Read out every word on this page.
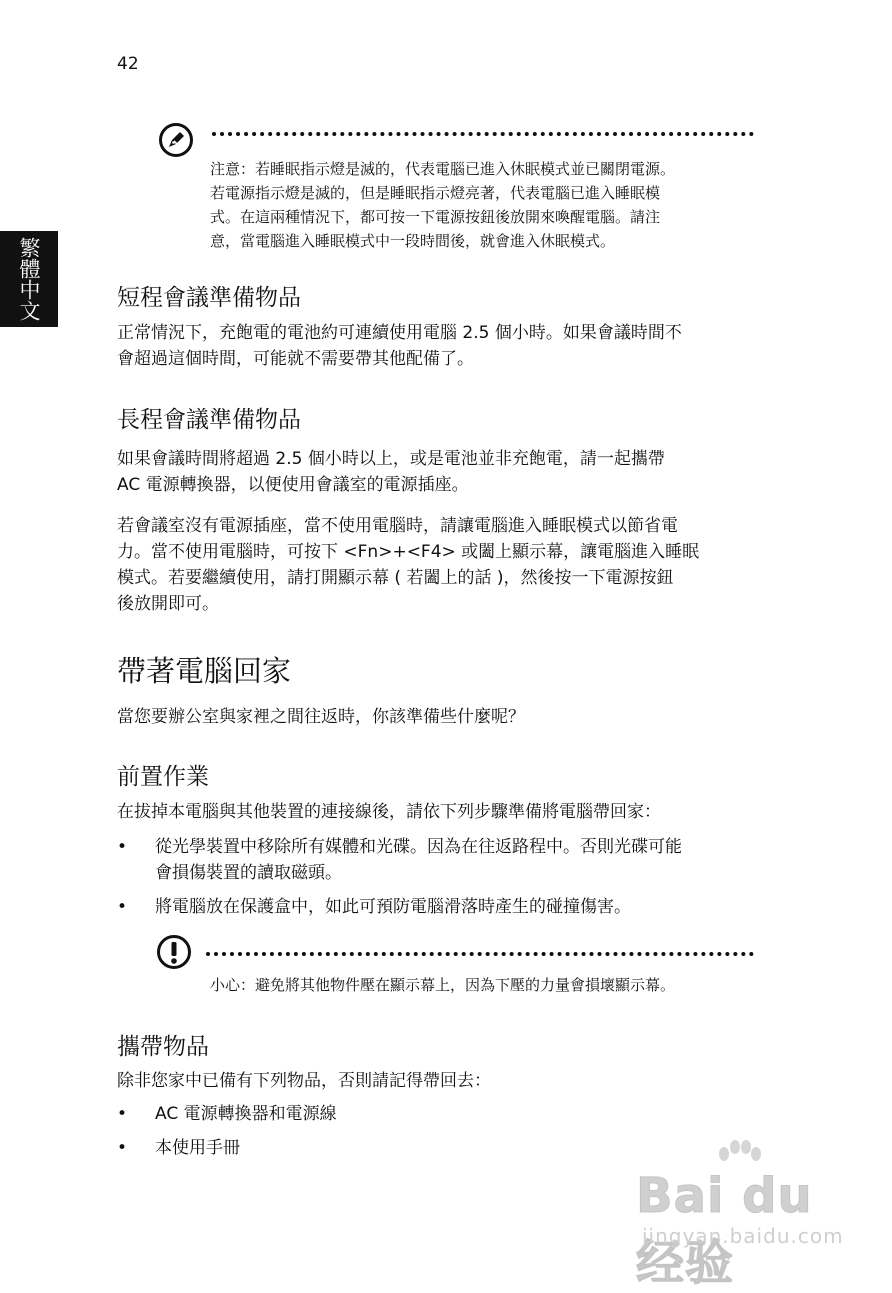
42
繁體中文
注意：若睡眠指示燈是滅的，代表電腦已進入休眠模式並已關閉電源。
若電源指示燈是滅的，但是睡眠指示燈亮著，代表電腦已進入睡眠模
式。在這兩種情況下，都可按一下電源按鈕後放開來喚醒電腦。請注
意，當電腦進入睡眠模式中一段時間後，就會進入休眠模式。
短程會議準備物品
正常情況下，充飽電的電池約可連續使用電腦 2.5 個小時。如果會議時間不
會超過這個時間，可能就不需要帶其他配備了。
長程會議準備物品
如果會議時間將超過 2.5 個小時以上，或是電池並非充飽電，請一起攜帶
AC 電源轉換器，以便使用會議室的電源插座。
若會議室沒有電源插座，當不使用電腦時，請讓電腦進入睡眠模式以節省電
力。當不使用電腦時，可按下 <Fn>+<F4> 或闔上顯示幕，讓電腦進入睡眠
模式。若要繼續使用，請打開顯示幕 ( 若闔上的話 )，然後按一下電源按鈕
後放開即可。
帶著電腦回家

當您要辦公室與家裡之間往返時，你該準備些什麼呢？

前置作業

在拔掉本電腦與其他裝置的連接線後，請依下列步驟準備將電腦帶回家：

• 從光學裝置中移除所有媒體和光碟。因為在往返路程中。否則光碟可能
會損傷裝置的讀取磁頭。
• 將電腦放在保護盒中，如此可預防電腦滑落時產生的碰撞傷害。
小心：避免將其他物件壓在顯示幕上，因為下壓的力量會損壞顯示幕。
攜帶物品

除非您家中已備有下列物品，否則請記得帶回去：

• AC 電源轉換器和電源線
• 本使用手冊
Bai du 经验
jingyan.baidu.com
